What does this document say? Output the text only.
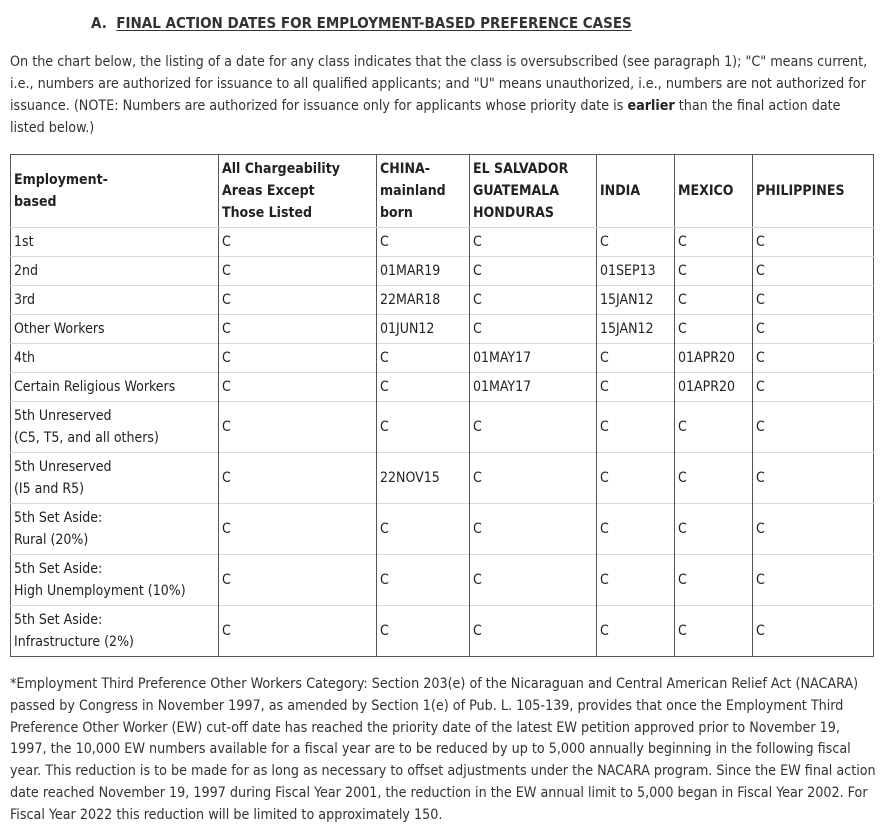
A. FINAL ACTION DATES FOR EMPLOYMENT-BASED PREFERENCE CASES
On the chart below, the listing of a date for any class indicates that the class is oversubscribed (see paragraph 1); "C" means current, i.e., numbers are authorized for issuance to all qualified applicants; and "U" means unauthorized, i.e., numbers are not authorized for issuance. (NOTE: Numbers are authorized for issuance only for applicants whose priority date is earlier than the final action date listed below.)
Employment-
based	All Chargeability
Areas Except
Those Listed	CHINA-
mainland
born	EL SALVADOR
GUATEMALA
HONDURAS	INDIA	MEXICO	PHILIPPINES

1st	C	C	C	C	C	C

2nd	C	01MAR19	C	01SEP13	C	C

3rd	C	22MAR18	C	15JAN12	C	C

Other Workers	C	01JUN12	C	15JAN12	C	C

4th	C	C	01MAY17	C	01APR20	C

Certain Religious Workers	C	C	01MAY17	C	01APR20	C

5th Unreserved
(C5, T5, and all others)	C	C	C	C	C	C

5th Unreserved
(I5 and R5)	C	22NOV15	C	C	C	C

5th Set Aside:
Rural (20%)	C	C	C	C	C	C

5th Set Aside:
High Unemployment (10%)	C	C	C	C	C	C

5th Set Aside:
Infrastructure (2%)	C	C	C	C	C	C
*Employment Third Preference Other Workers Category: Section 203(e) of the Nicaraguan and Central American Relief Act (NACARA) passed by Congress in November 1997, as amended by Section 1(e) of Pub. L. 105-139, provides that once the Employment Third Preference Other Worker (EW) cut-off date has reached the priority date of the latest EW petition approved prior to November 19, 1997, the 10,000 EW numbers available for a fiscal year are to be reduced by up to 5,000 annually beginning in the following fiscal year. This reduction is to be made for as long as necessary to offset adjustments under the NACARA program. Since the EW final action date reached November 19, 1997 during Fiscal Year 2001, the reduction in the EW annual limit to 5,000 began in Fiscal Year 2002. For Fiscal Year 2022 this reduction will be limited to approximately 150.
